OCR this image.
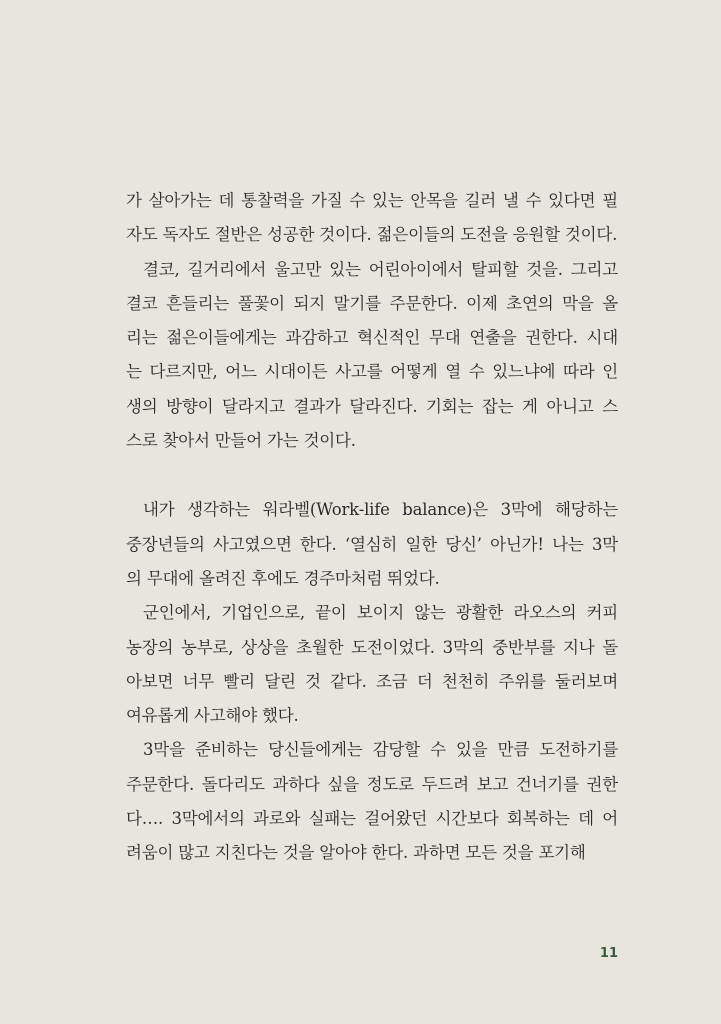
가 살아가는 데 통찰력을 가질 수 있는 안목을 길러 낼 수 있다면 필
자도 독자도 절반은 성공한 것이다. 젊은이들의 도전을 응원할 것이다.
결코, 길거리에서 울고만 있는 어린아이에서 탈피할 것을. 그리고
결코 흔들리는 풀꽃이 되지 말기를 주문한다. 이제 초연의 막을 올
리는 젊은이들에게는 과감하고 혁신적인 무대 연출을 권한다. 시대
는 다르지만, 어느 시대이든 사고를 어떻게 열 수 있느냐에 따라 인
생의 방향이 달라지고 결과가 달라진다. 기회는 잡는 게 아니고 스
스로 찾아서 만들어 가는 것이다.
내가 생각하는 워라벨(Work-life balance)은 3막에 해당하는
중장년들의 사고였으면 한다. ‘열심히 일한 당신’ 아닌가! 나는 3막
의 무대에 올려진 후에도 경주마처럼 뛰었다.
군인에서, 기업인으로, 끝이 보이지 않는 광활한 라오스의 커피
농장의 농부로, 상상을 초월한 도전이었다. 3막의 중반부를 지나 돌
아보면 너무 빨리 달린 것 같다. 조금 더 천천히 주위를 둘러보며
여유롭게 사고해야 했다.
3막을 준비하는 당신들에게는 감당할 수 있을 만큼 도전하기를
주문한다. 돌다리도 과하다 싶을 정도로 두드려 보고 건너기를 권한
다…. 3막에서의 과로와 실패는 걸어왔던 시간보다 회복하는 데 어
려움이 많고 지친다는 것을 알아야 한다. 과하면 모든 것을 포기해
11
